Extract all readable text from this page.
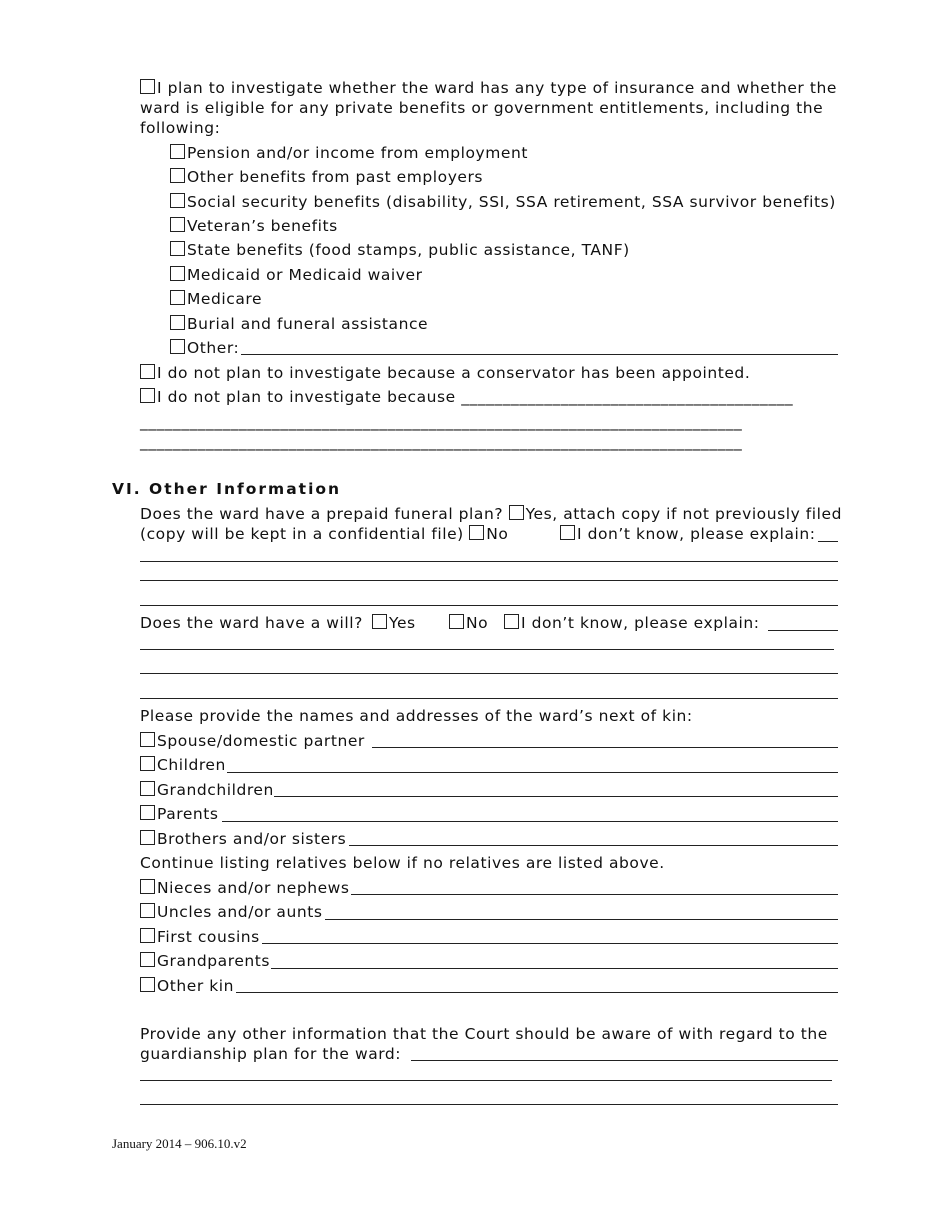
I plan to investigate whether the ward has any type of insurance and whether the
ward is eligible for any private benefits or government entitlements, including the
following:
Pension and/or income from employment
Other benefits from past employers
Social security benefits (disability, SSI, SSA retirement, SSA survivor benefits)
Veteran’s benefits
State benefits (food stamps, public assistance, TANF)
Medicaid or Medicaid waiver
Medicare
Burial and funeral assistance
Other:
I do not plan to investigate because a conservator has been appointed.
I do not plan to investigate because ________________________________________
_________________________________________________________________________
_________________________________________________________________________
VI. Other Information
Does the ward have a prepaid funeral plan? Yes, attach copy if not previously filed
(copy will be kept in a confidential file) No	I don’t know, please explain:
Does the ward have a will?	Yes	No	I don’t know, please explain:
Please provide the names and addresses of the ward’s next of kin:
Spouse/domestic partner
Children
Grandchildren
Parents
Brothers and/or sisters
Continue listing relatives below if no relatives are listed above.
Nieces and/or nephews
Uncles and/or aunts
First cousins
Grandparents
Other kin
Provide any other information that the Court should be aware of with regard to the
guardianship plan for the ward:
January 2014 – 906.10.v2
